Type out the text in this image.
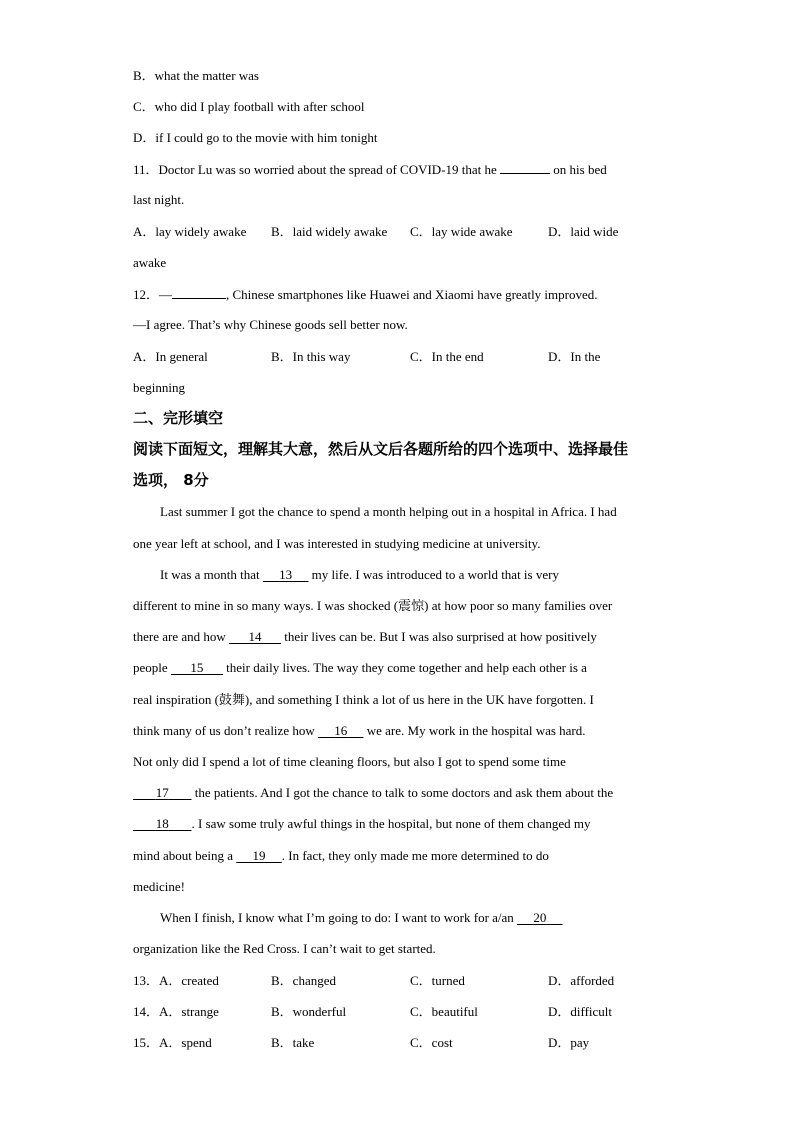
B．what the matter was
C．who did I play football with after school
D．if I could go to the movie with him tonight
11．Doctor Lu was so worried about the spread of COVID-19 that he	on his bed
last night.
A．lay widely awake B．laid widely awake C．lay wide awake	D．laid wide
awake
12．—	, Chinese smartphones like Huawei and Xiaomi have greatly improved.
—I agree. That’s why Chinese goods sell better now.
A．In general	B．In this way	C．In the end	D．In the
beginning
二、完形填空
阅读下面短文，理解其大意，然后从文后各题所给的四个选项中、选择最佳
选项， 8分
Last summer I got the chance to spend a month helping out in a hospital in Africa. I had
one year left at school, and I was interested in studying medicine at university.
It was a month that 13 my life. I was introduced to a world that is very
different to mine in so many ways. I was shocked (震惊) at how poor so many families over
there are and how 14 their lives can be. But I was also surprised at how positively
people 15 their daily lives. The way they come together and help each other is a
real inspiration (鼓舞), and something I think a lot of us here in the UK have forgotten. I
think many of us don’t realize how 16 we are. My work in the hospital was hard.
Not only did I spend a lot of time cleaning floors, but also I got to spend some time
17 the patients. And I got the chance to talk to some doctors and ask them about the
18 . I saw some truly awful things in the hospital, but none of them changed my
mind about being a 19 . In fact, they only made me more determined to do
medicine!
When I finish, I know what I’m going to do: I want to work for a/an 20
organization like the Red Cross. I can’t wait to get started.
13．A．created	B．changed	C．turned	D．afforded
14．A．strange	B．wonderful	C．beautiful	D．difficult
15．A．spend	B．take	C．cost	D．pay
